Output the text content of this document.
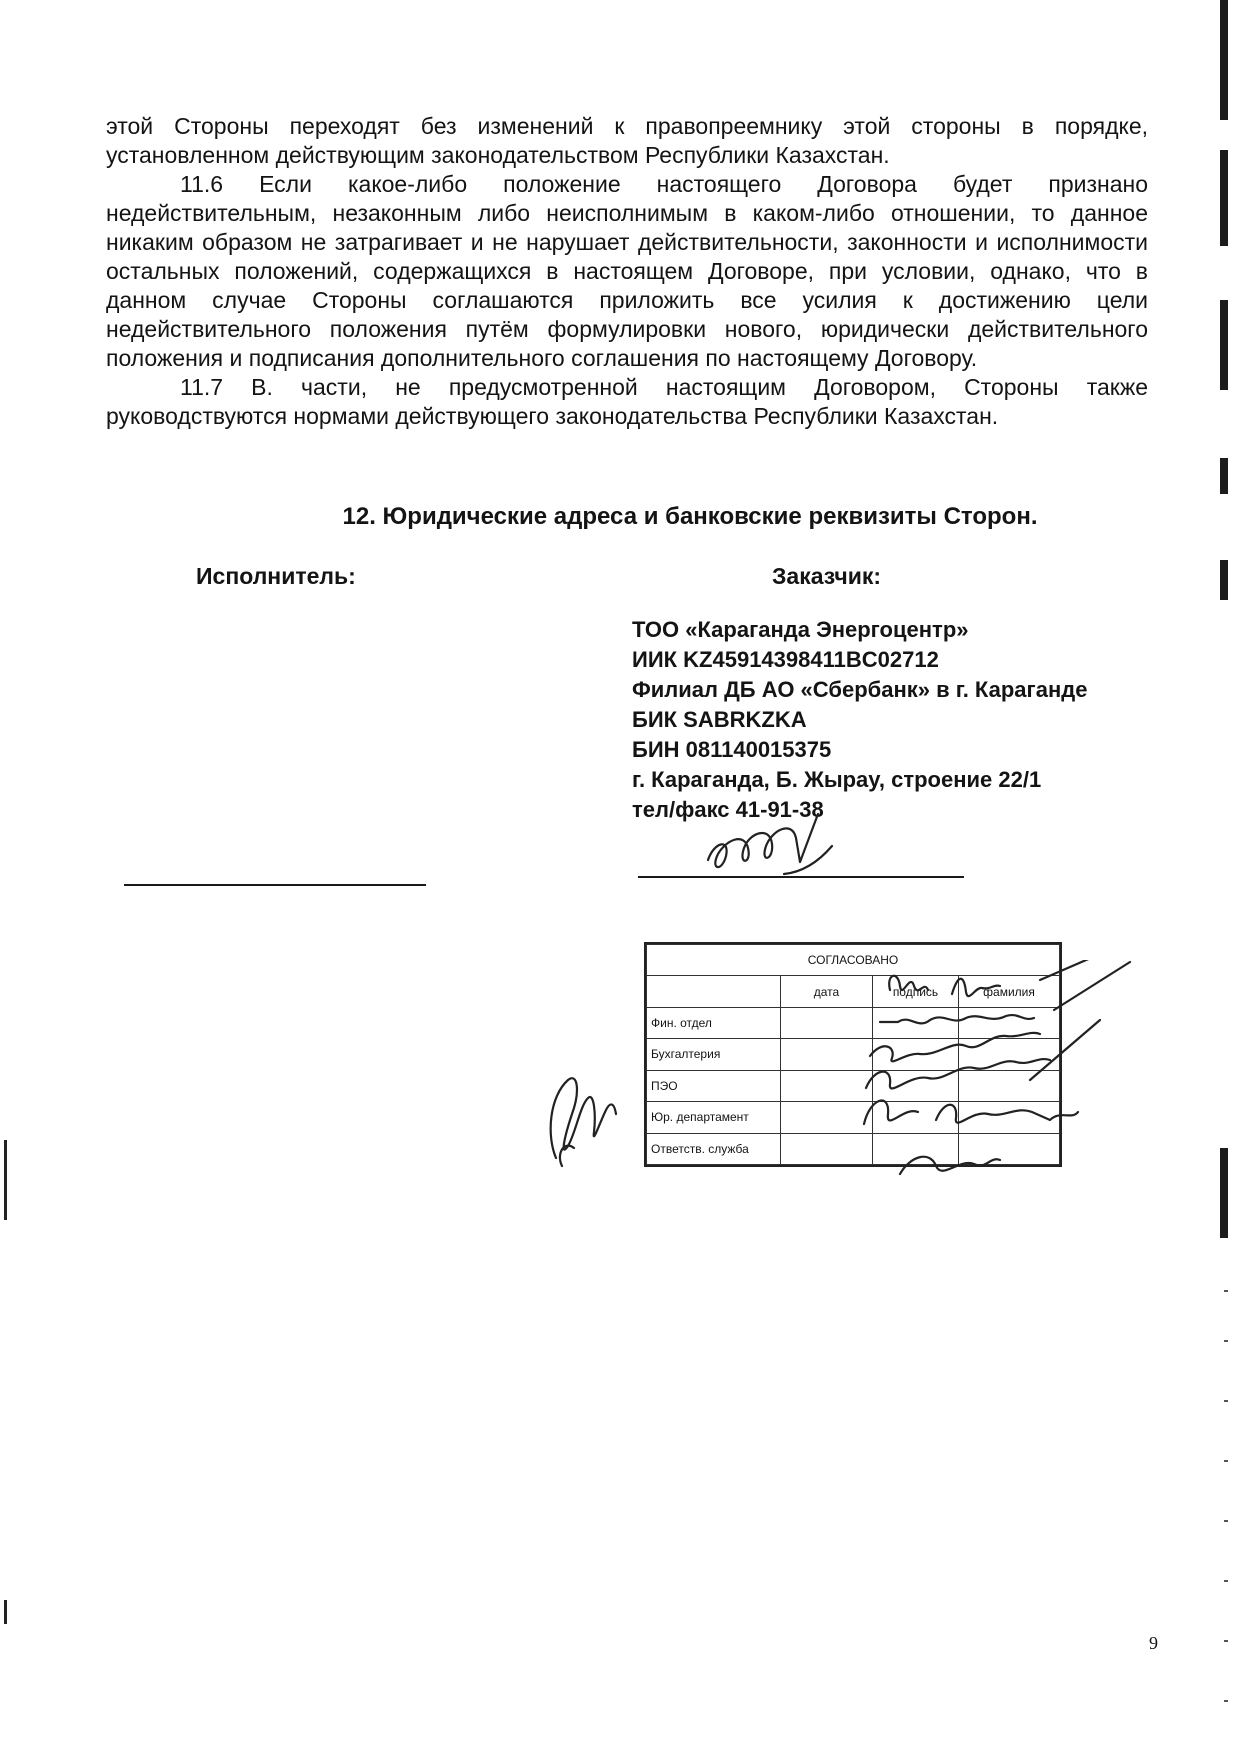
этой Стороны переходят без изменений к правопреемнику этой стороны в порядке, установленном действующим законодательством Республики Казахстан.

11.6 Если какое-либо положение настоящего Договора будет признано недействительным, незаконным либо неисполнимым в каком-либо отношении, то данное никаким образом не затрагивает и не нарушает действительности, законности и исполнимости остальных положений, содержащихся в настоящем Договоре, при условии, однако, что в данном случае Стороны соглашаются приложить все усилия к достижению цели недействительного положения путём формулировки нового, юридически действительного положения и подписания дополнительного соглашения по настоящему Договору.

11.7 В. части, не предусмотренной настоящим Договором, Стороны также руководствуются нормами действующего законодательства Республики Казахстан.

12. Юридические адреса и банковские реквизиты Сторон.
Исполнитель:	Заказчик:
ТОО «Караганда Энергоцентр»
ИИК KZ45914398411BC02712
Филиал ДБ АО «Сбербанк» в г. Караганде
БИК SABRKZKA
БИН 081140015375
г. Караганда, Б. Жырау, строение 22/1
тел/факс 41-91-38
СОГЛАСОВАНО			
	дата	подпись	фамилия
Фин. отдел			
Бухгалтерия			
ПЭО			
Юр. департамент			
Ответств. служба			
9
